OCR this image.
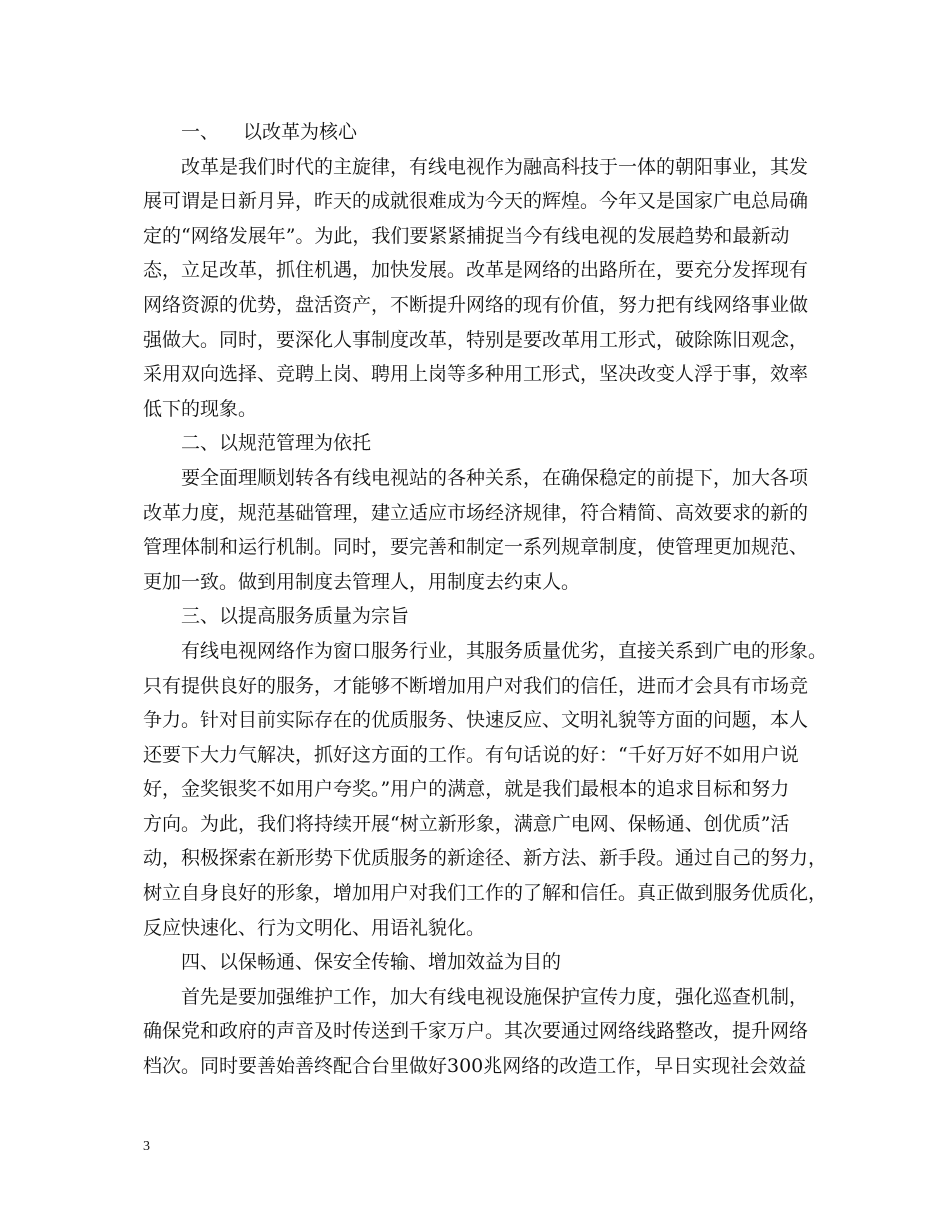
一、 以改革为核心
改革是我们时代的主旋律，有线电视作为融高科技于一体的朝阳事业，其发
展可谓是日新月异，昨天的成就很难成为今天的辉煌。今年又是国家广电总局确
定的“网络发展年”。为此，我们要紧紧捕捉当今有线电视的发展趋势和最新动
态，立足改革，抓住机遇，加快发展。改革是网络的出路所在，要充分发挥现有
网络资源的优势，盘活资产，不断提升网络的现有价值，努力把有线网络事业做
强做大。同时，要深化人事制度改革，特别是要改革用工形式，破除陈旧观念，
采用双向选择、竞聘上岗、聘用上岗等多种用工形式，坚决改变人浮于事，效率
低下的现象。
二、以规范管理为依托
要全面理顺划转各有线电视站的各种关系，在确保稳定的前提下，加大各项
改革力度，规范基础管理，建立适应市场经济规律，符合精简、高效要求的新的
管理体制和运行机制。同时，要完善和制定一系列规章制度，使管理更加规范、
更加一致。做到用制度去管理人，用制度去约束人。
三、以提高服务质量为宗旨
有线电视网络作为窗口服务行业，其服务质量优劣，直接关系到广电的形象。
只有提供良好的服务，才能够不断增加用户对我们的信任，进而才会具有市场竞
争力。针对目前实际存在的优质服务、快速反应、文明礼貌等方面的问题，本人
还要下大力气解决，抓好这方面的工作。有句话说的好：“千好万好不如用户说
好，金奖银奖不如用户夸奖。”用户的满意，就是我们最根本的追求目标和努力
方向。为此，我们将持续开展“树立新形象，满意广电网、保畅通、创优质”活
动，积极探索在新形势下优质服务的新途径、新方法、新手段。通过自己的努力，
树立自身良好的形象，增加用户对我们工作的了解和信任。真正做到服务优质化，
反应快速化、行为文明化、用语礼貌化。
四、以保畅通、保安全传输、增加效益为目的
首先是要加强维护工作，加大有线电视设施保护宣传力度，强化巡查机制，
确保党和政府的声音及时传送到千家万户。其次要通过网络线路整改，提升网络
档次。同时要善始善终配合台里做好300兆网络的改造工作，早日实现社会效益
3
